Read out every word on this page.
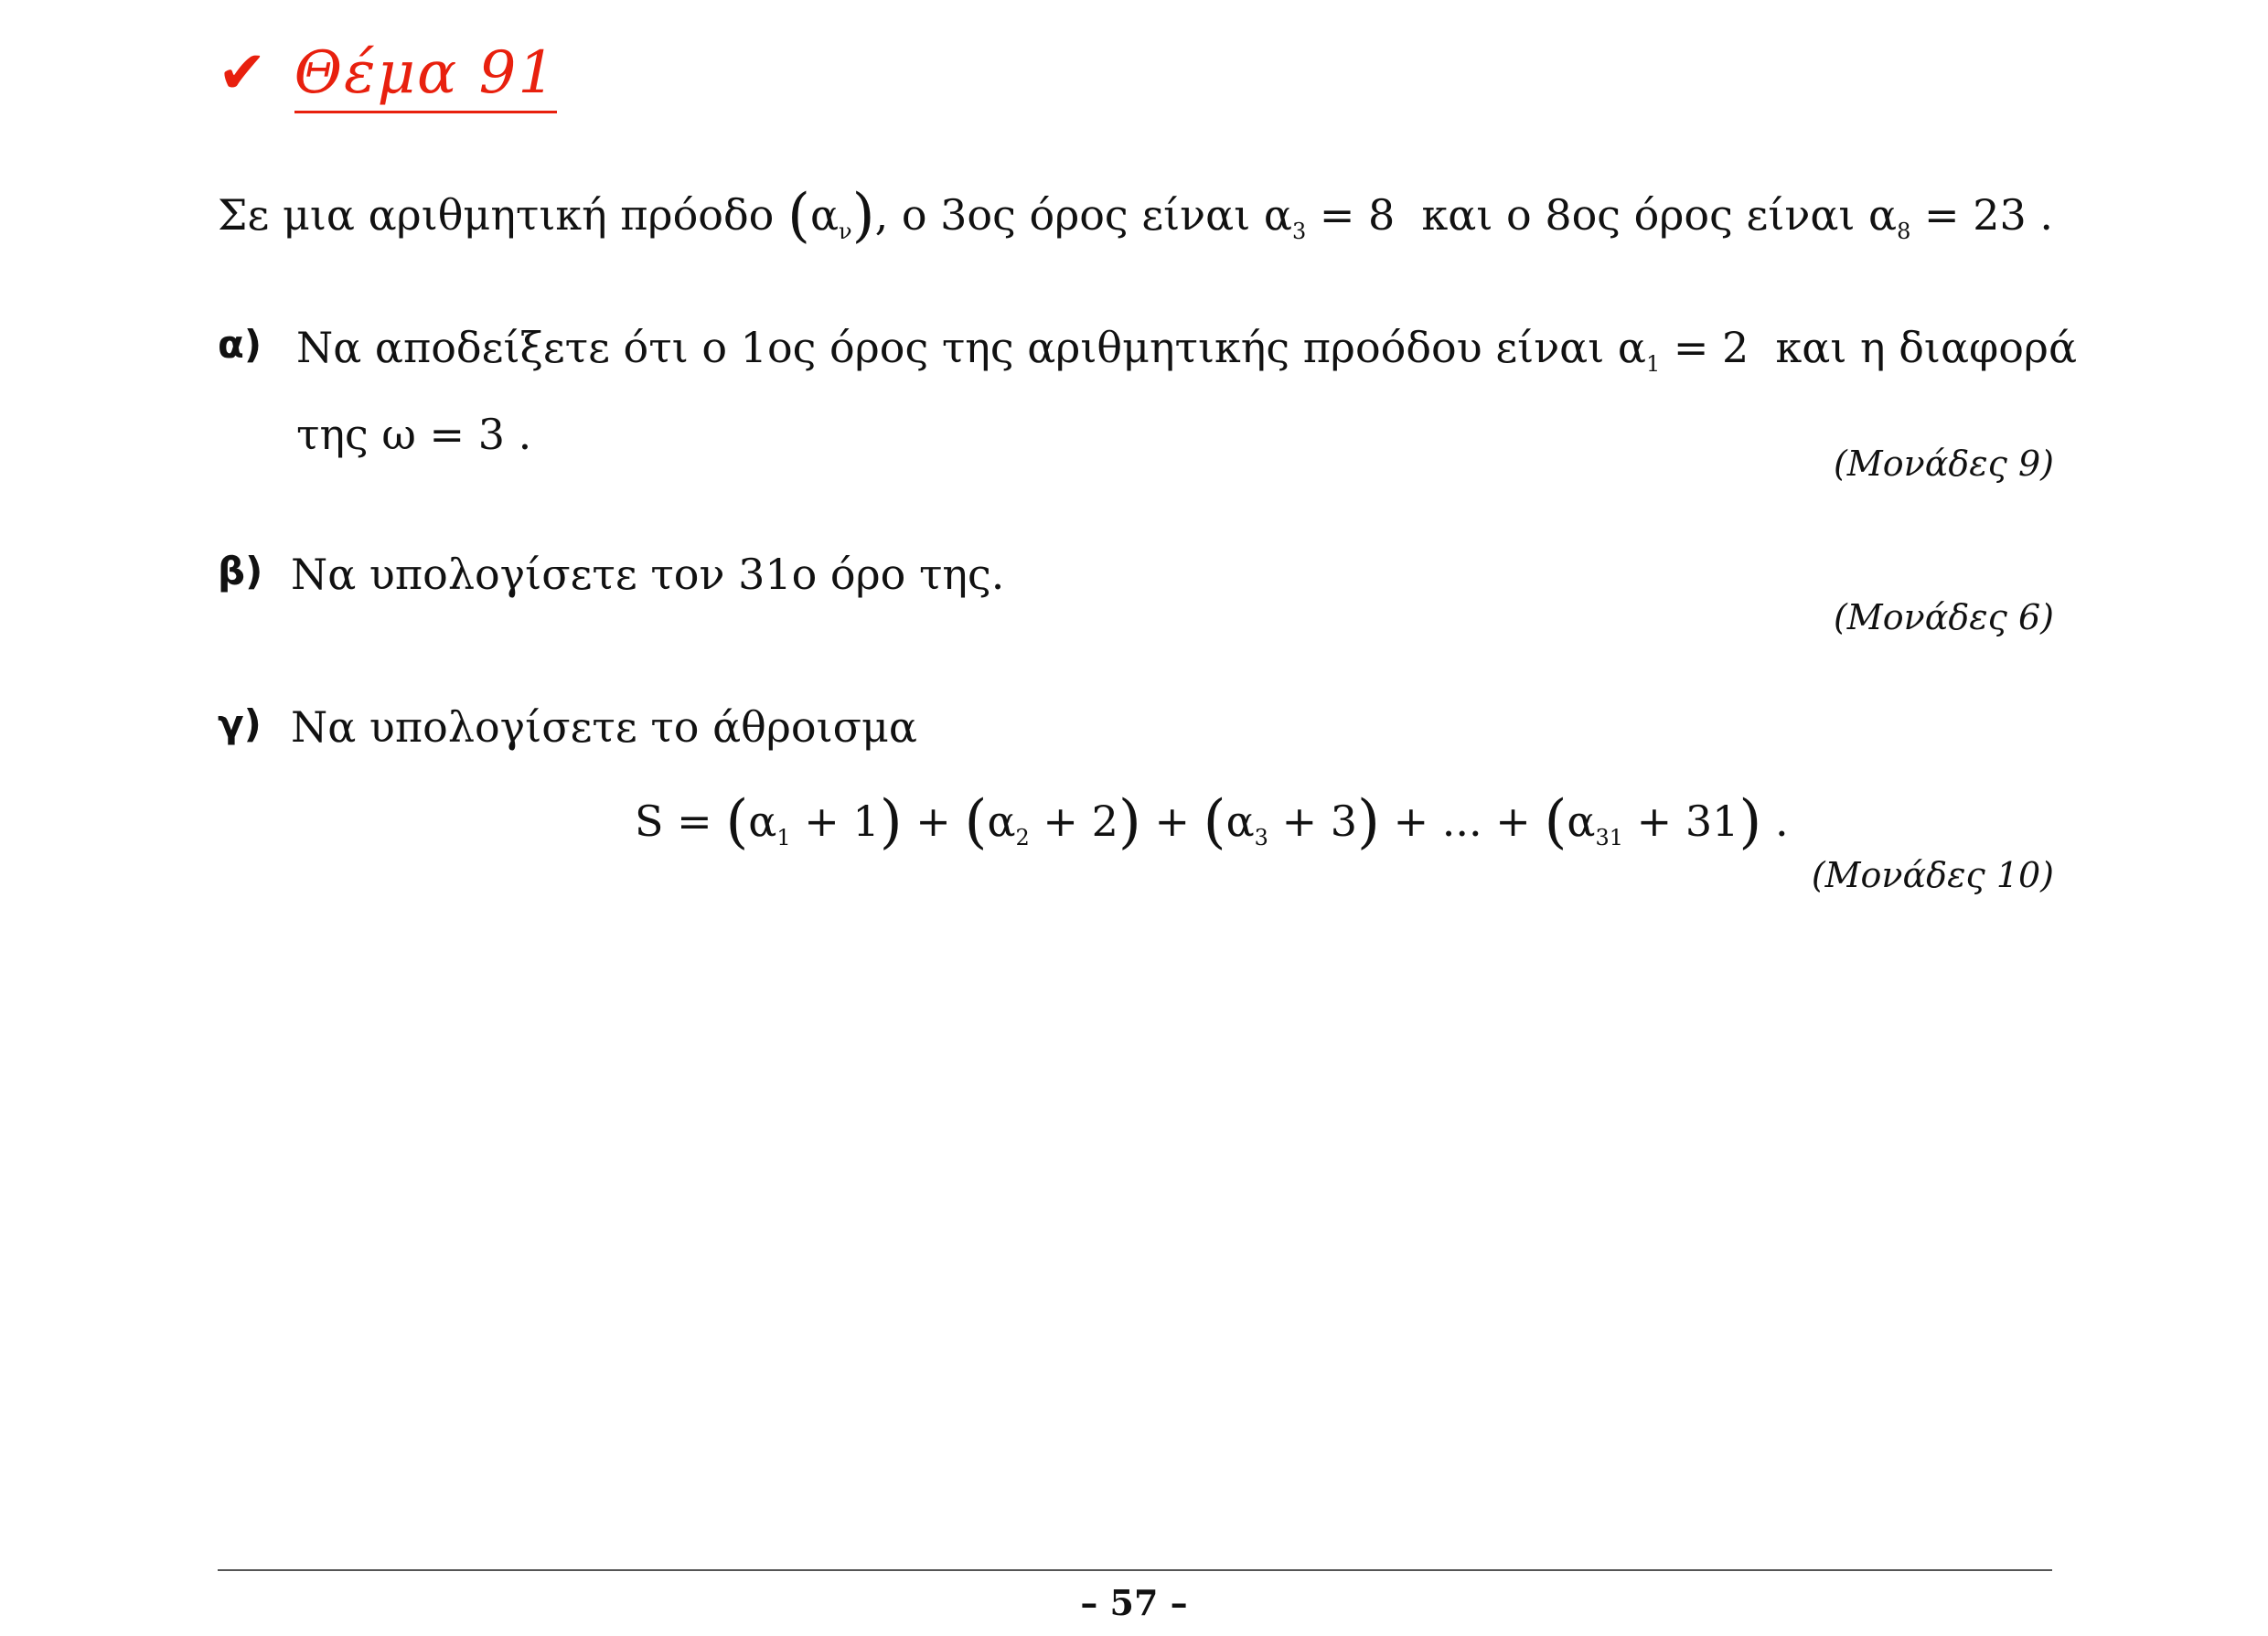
✔ Θέμα 91
Σε μια αριθμητική πρόοδο $(\alpha_\nu)$, ο 3ος όρος είναι $\alpha_3 = 8$  και ο 8ος όρος είναι $\alpha_8 = 23$ .
α) Να αποδείξετε ότι ο 1ος όρος της αριθμητικής προόδου είναι $\alpha_1 = 2$  και η διαφορά
της ω = 3 .
(Μονάδες 9)
β) Να υπολογίσετε τον 31ο όρο της.
(Μονάδες 6)
γ) Να υπολογίσετε το άθροισμα
$S = (\alpha_1 + 1) + (\alpha_2 + 2) + (\alpha_3 + 3)$ + ... + $(\alpha_{31} + 31)$ .
(Μονάδες 10)
– 57 –
